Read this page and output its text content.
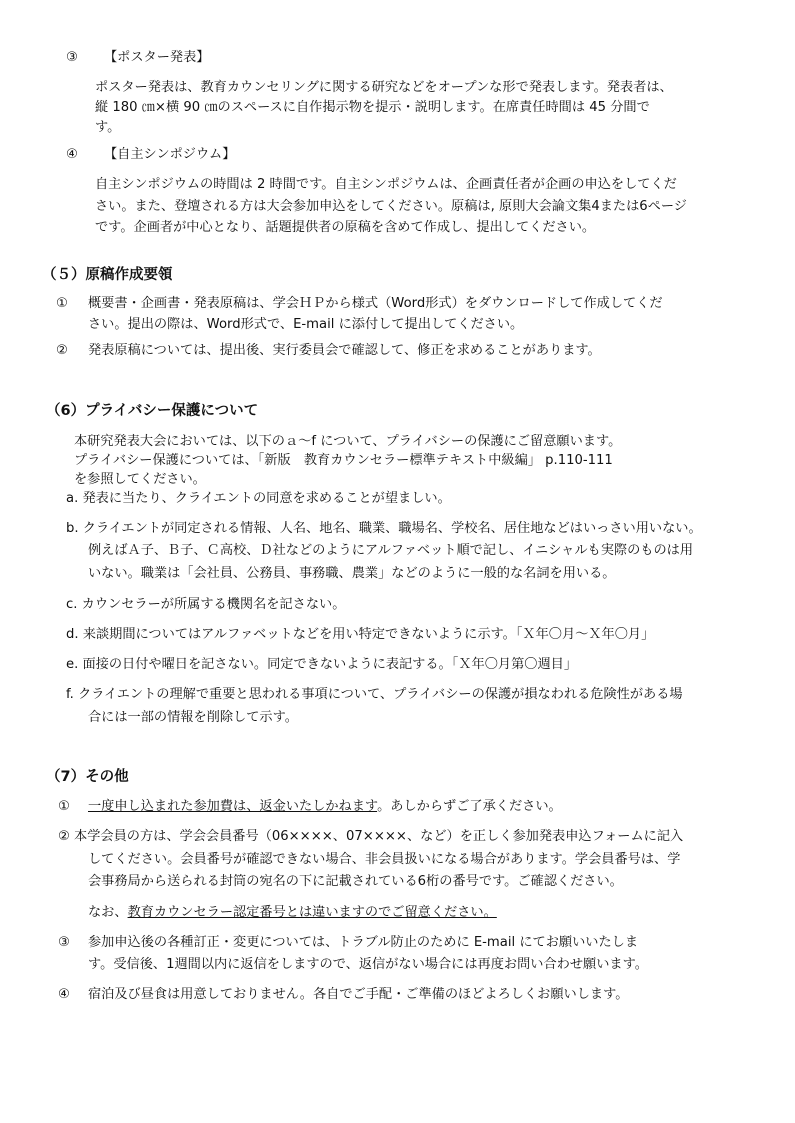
③ 【ポスター発表】
ポスター発表は、教育カウンセリングに関する研究などをオープンな形で発表します。発表者は、
縦 180 ㎝×横 90 ㎝のスペースに自作掲示物を提示・説明します。在席責任時間は 45 分間で
す。
④ 【自主シンポジウム】
自主シンポジウムの時間は 2 時間です。自主シンポジウムは、企画責任者が企画の申込をしてくだ
さい。また、登壇される方は大会参加申込をしてください。原稿は, 原則大会論文集4または6ページ
です。企画者が中心となり、話題提供者の原稿を含めて作成し、提出してください。
（５）原稿作成要領
① 概要書・企画書・発表原稿は、学会ＨＰから様式（Word形式）をダウンロードして作成してくだ
さい。提出の際は、Word形式で、E-mail に添付して提出してください。
② 発表原稿については、提出後、実行委員会で確認して、修正を求めることがあります。
（6）プライバシー保護について
本研究発表大会においては、以下のａ～f について、プライバシーの保護にご留意願います。
プライバシー保護については、「新版　教育カウンセラー標準テキスト中級編」 p.110-111
を参照してください。
a. 発表に当たり、クライエントの同意を求めることが望ましい。
b. クライエントが同定される情報、人名、地名、職業、職場名、学校名、居住地などはいっさい用いない。
例えばＡ子、Ｂ子、Ｃ高校、Ｄ社などのようにアルファベット順で記し、イニシャルも実際のものは用
いない。職業は「会社員、公務員、事務職、農業」などのように一般的な名詞を用いる。
c. カウンセラーが所属する機関名を記さない。
d. 来談期間についてはアルファベットなどを用い特定できないように示す。「Ｘ年〇月～Ｘ年〇月」
e. 面接の日付や曜日を記さない。同定できないように表記する。「Ｘ年〇月第〇週目」
f. クライエントの理解で重要と思われる事項について、プライバシーの保護が損なわれる危険性がある場
合には一部の情報を削除して示す。
（7）その他
① 一度申し込まれた参加費は、返金いたしかねます。あしからずご了承ください。
② 本学会員の方は、学会会員番号（06××××、07××××、など）を正しく参加発表申込フォームに記入
してください。会員番号が確認できない場合、非会員扱いになる場合があります。学会員番号は、学
会事務局から送られる封筒の宛名の下に記載されている6桁の番号です。ご確認ください。
なお、教育カウンセラー認定番号とは違いますのでご留意ください。
③ 参加申込後の各種訂正・変更については、トラブル防止のために E-mail にてお願いいたしま
す。受信後、1週間以内に返信をしますので、返信がない場合には再度お問い合わせ願います。
④ 宿泊及び昼食は用意しておりません。各自でご手配・ご準備のほどよろしくお願いします。
